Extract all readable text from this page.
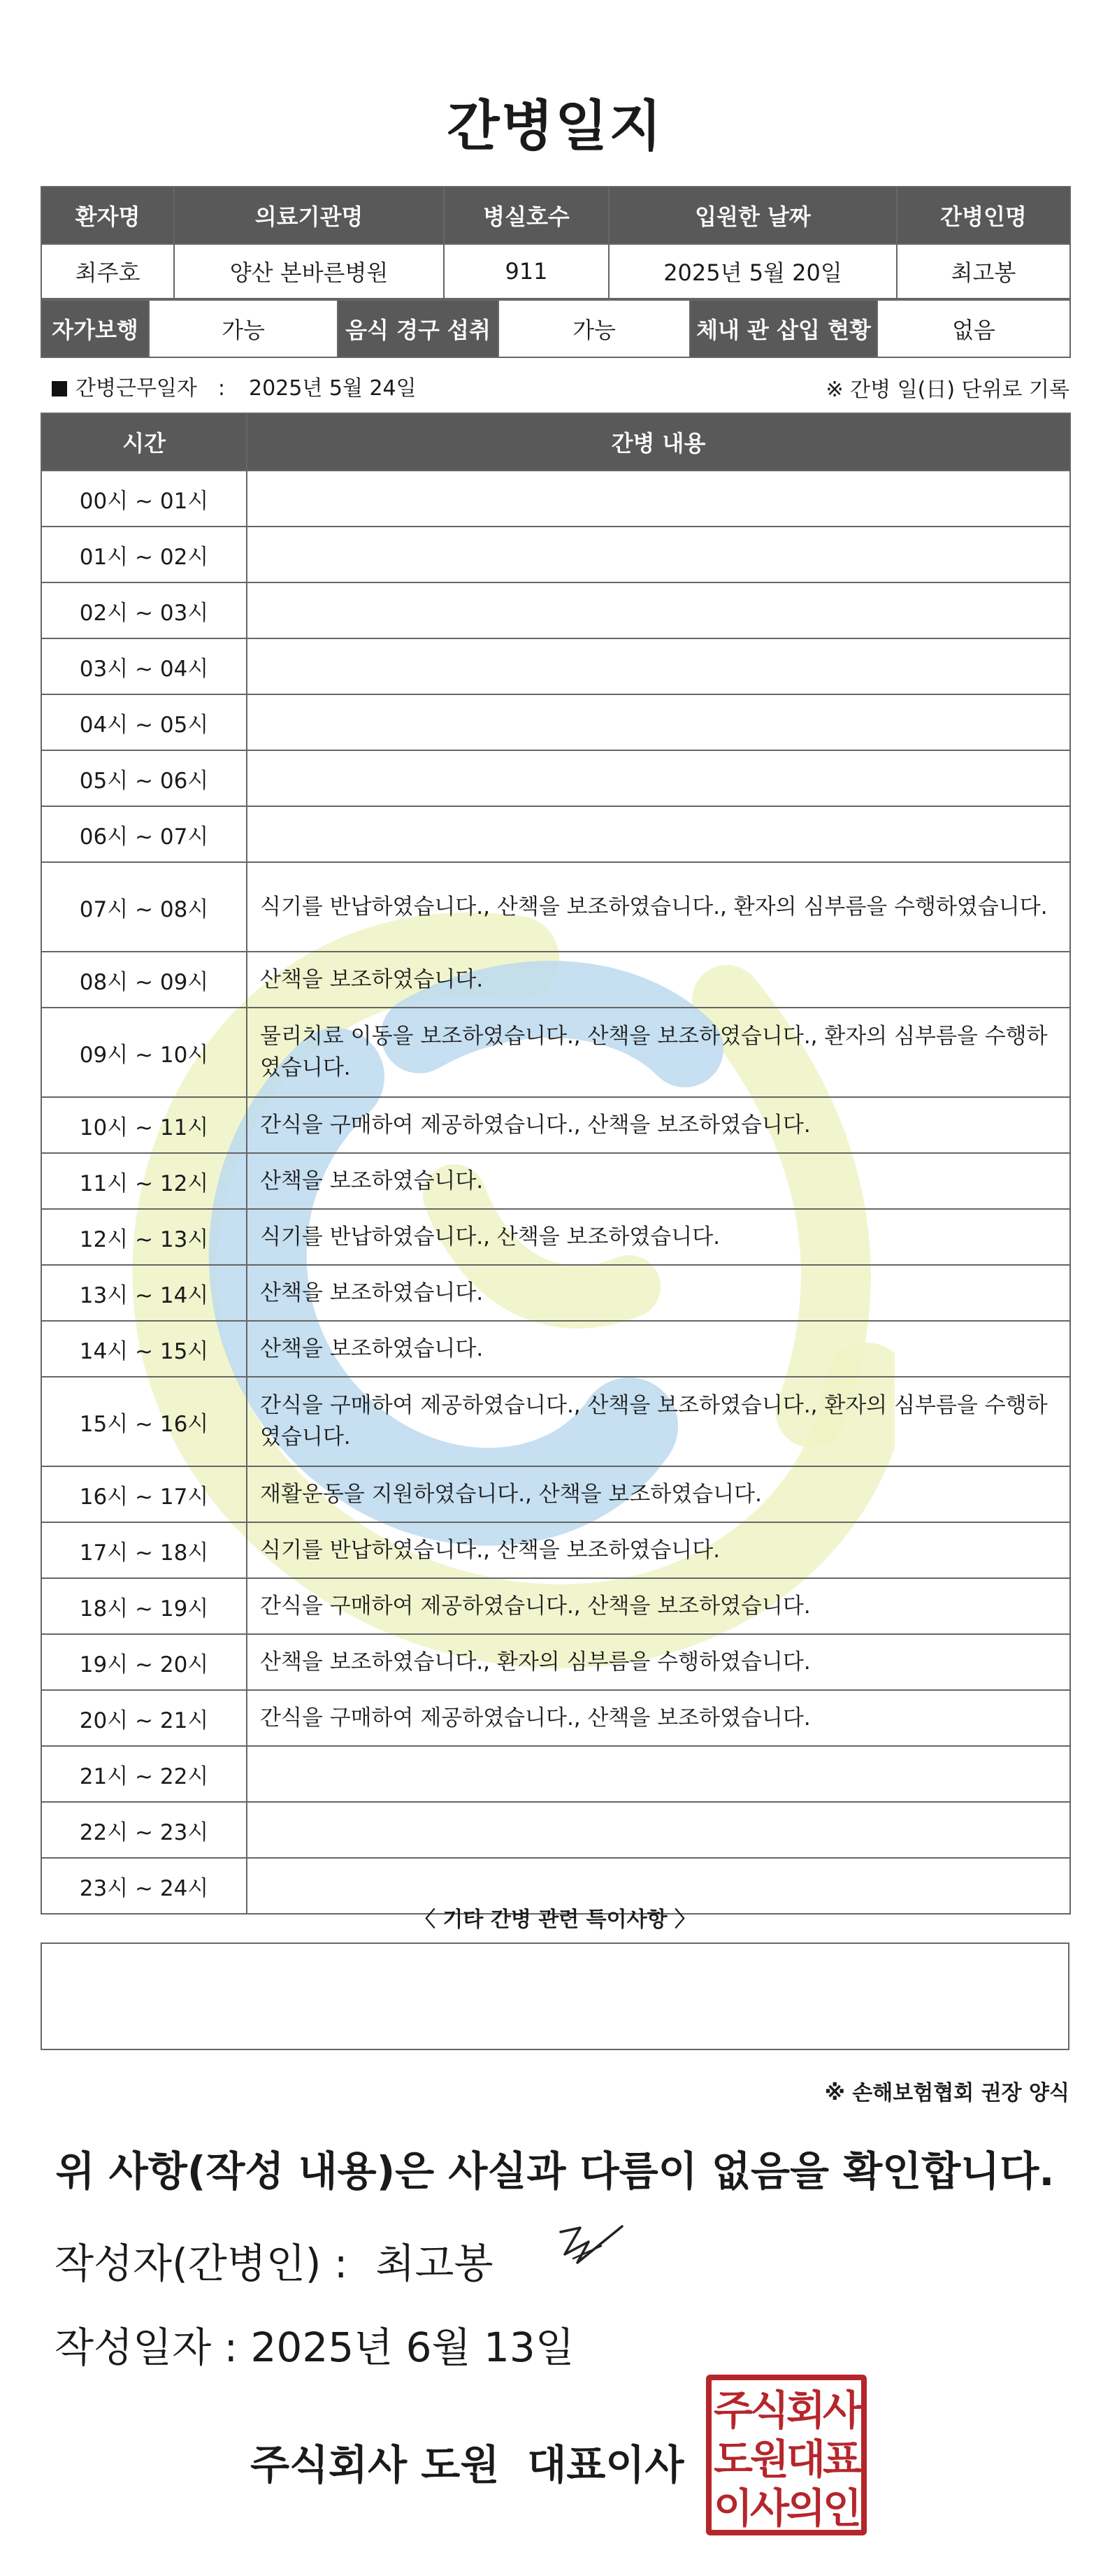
간병일지
환자명	의료기관명	병실호수	입원한 날짜	간병인명
최주호	양산 본바른병원	911	2025년 5월 20일	최고봉
자가보행	가능	음식 경구 섭취	가능	체내 관 삽입 현황	없음
간병근무일자 : 2025년 5월 24일	※ 간병 일(日) 단위로 기록
시간	간병 내용
00시 ~ 01시	
01시 ~ 02시	
02시 ~ 03시	
03시 ~ 04시	
04시 ~ 05시	
05시 ~ 06시	
06시 ~ 07시	
07시 ~ 08시	식기를 반납하였습니다., 산책을 보조하였습니다., 환자의 심부름을 수행하였습니다.
08시 ~ 09시	산책을 보조하였습니다.
09시 ~ 10시	물리치료 이동을 보조하였습니다., 산책을 보조하였습니다., 환자의 심부름을 수행하였습니다.
10시 ~ 11시	간식을 구매하여 제공하였습니다., 산책을 보조하였습니다.
11시 ~ 12시	산책을 보조하였습니다.
12시 ~ 13시	식기를 반납하였습니다., 산책을 보조하였습니다.
13시 ~ 14시	산책을 보조하였습니다.
14시 ~ 15시	산책을 보조하였습니다.
15시 ~ 16시	간식을 구매하여 제공하였습니다., 산책을 보조하였습니다., 환자의 심부름을 수행하였습니다.
16시 ~ 17시	재활운동을 지원하였습니다., 산책을 보조하였습니다.
17시 ~ 18시	식기를 반납하였습니다., 산책을 보조하였습니다.
18시 ~ 19시	간식을 구매하여 제공하였습니다., 산책을 보조하였습니다.
19시 ~ 20시	산책을 보조하였습니다., 환자의 심부름을 수행하였습니다.
20시 ~ 21시	간식을 구매하여 제공하였습니다., 산책을 보조하였습니다.
21시 ~ 22시	
22시 ~ 23시	
23시 ~ 24시	
〈 기타 간병 관련 특이사항 〉
※ 손해보험협회 권장 양식
위 사항(작성 내용)은 사실과 다름이 없음을 확인합니다.
작성자(간병인) : 최고봉
작성일자 : 2025년 6월 13일
주식회사 도원 대표이사
주식회사
도원대표
이사의인
